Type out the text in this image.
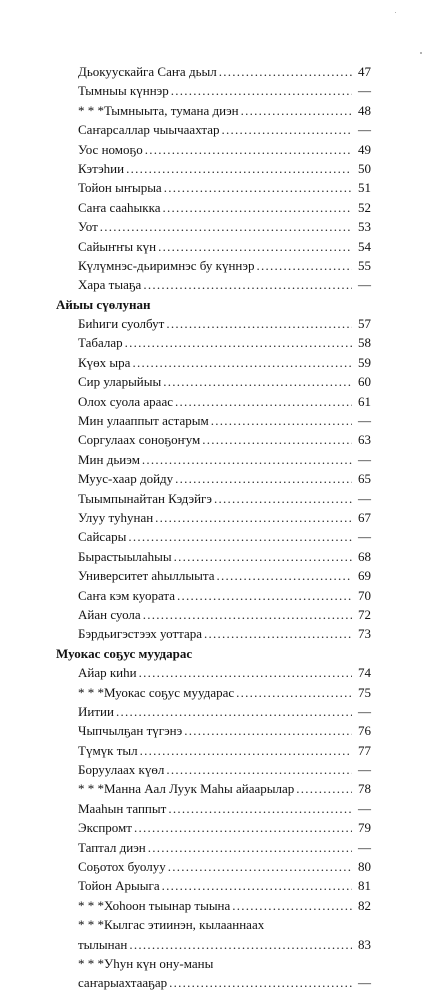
Дьокуускайга Саҥа дьыл . . .	47
Тымныы күннэр . . .	—
* * *Тымныыта, тумана диэн . . .	48
Саҥарсаллар чыычаахтар . . .	—
Уос номоҕо . . .	49
Кэтэһии . . .	50
Тойон ыҥырыа . . .	51
Саҥа сааһыкка . . .	52
Уот . . .	53
Сайыҥҥы күн . . .	54
Күлүмнэс-дьиримнэс бу күннэр . . .	55
Хара тыаҕа . . .	—
Айыы сүөлунан
Биһиги суолбут . . .	57
Табалар . . .	58
Күөх ыра . . .	59
Сир уларыйыы . . .	60
Олох суола араас . . .	61
Мин улааппыт астарым . . .	—
Соргулаах соноҕоҥум . . .	63
Мин дьиэм . . .	—
Муус-хаар дойду . . .	65
Тыымпынайтан Кэдэйгэ . . .	—
Улуу туһунан . . .	67
Сайсары . . .	—
Бырастыылаһыы . . .	68
Университет аһыллыыта . . .	69
Саҥа кэм куората . . .	70
Айан суола . . .	72
Бэрдьигэстээх уоттара . . .	73
Муокас соҕус муударас
Айар киһи . . .	74
* * *Муокас соҕус муударас . . .	75
Иитии . . .	—
Чыпчылҕан түгэнэ . . .	76
Түмүк тыл . . .	77
Боруулаах күөл . . .	—
* * *Манна Аал Луук Маһы айаарылар . . .	78
Мааһын таппыт . . .	—
Экспромт . . .	79
Таптал диэн . . .	—
Соҕотох буолуу . . .	80
Тойон Арыыга . . .	81
* * *Хоһоон тыынар тыына . . .	82
* * *Кылгас этиинэн, кылааннаах
тылынан . . .	83
* * *Уһун күн ону-маны
саҥарыахтааҕар . . .	—
